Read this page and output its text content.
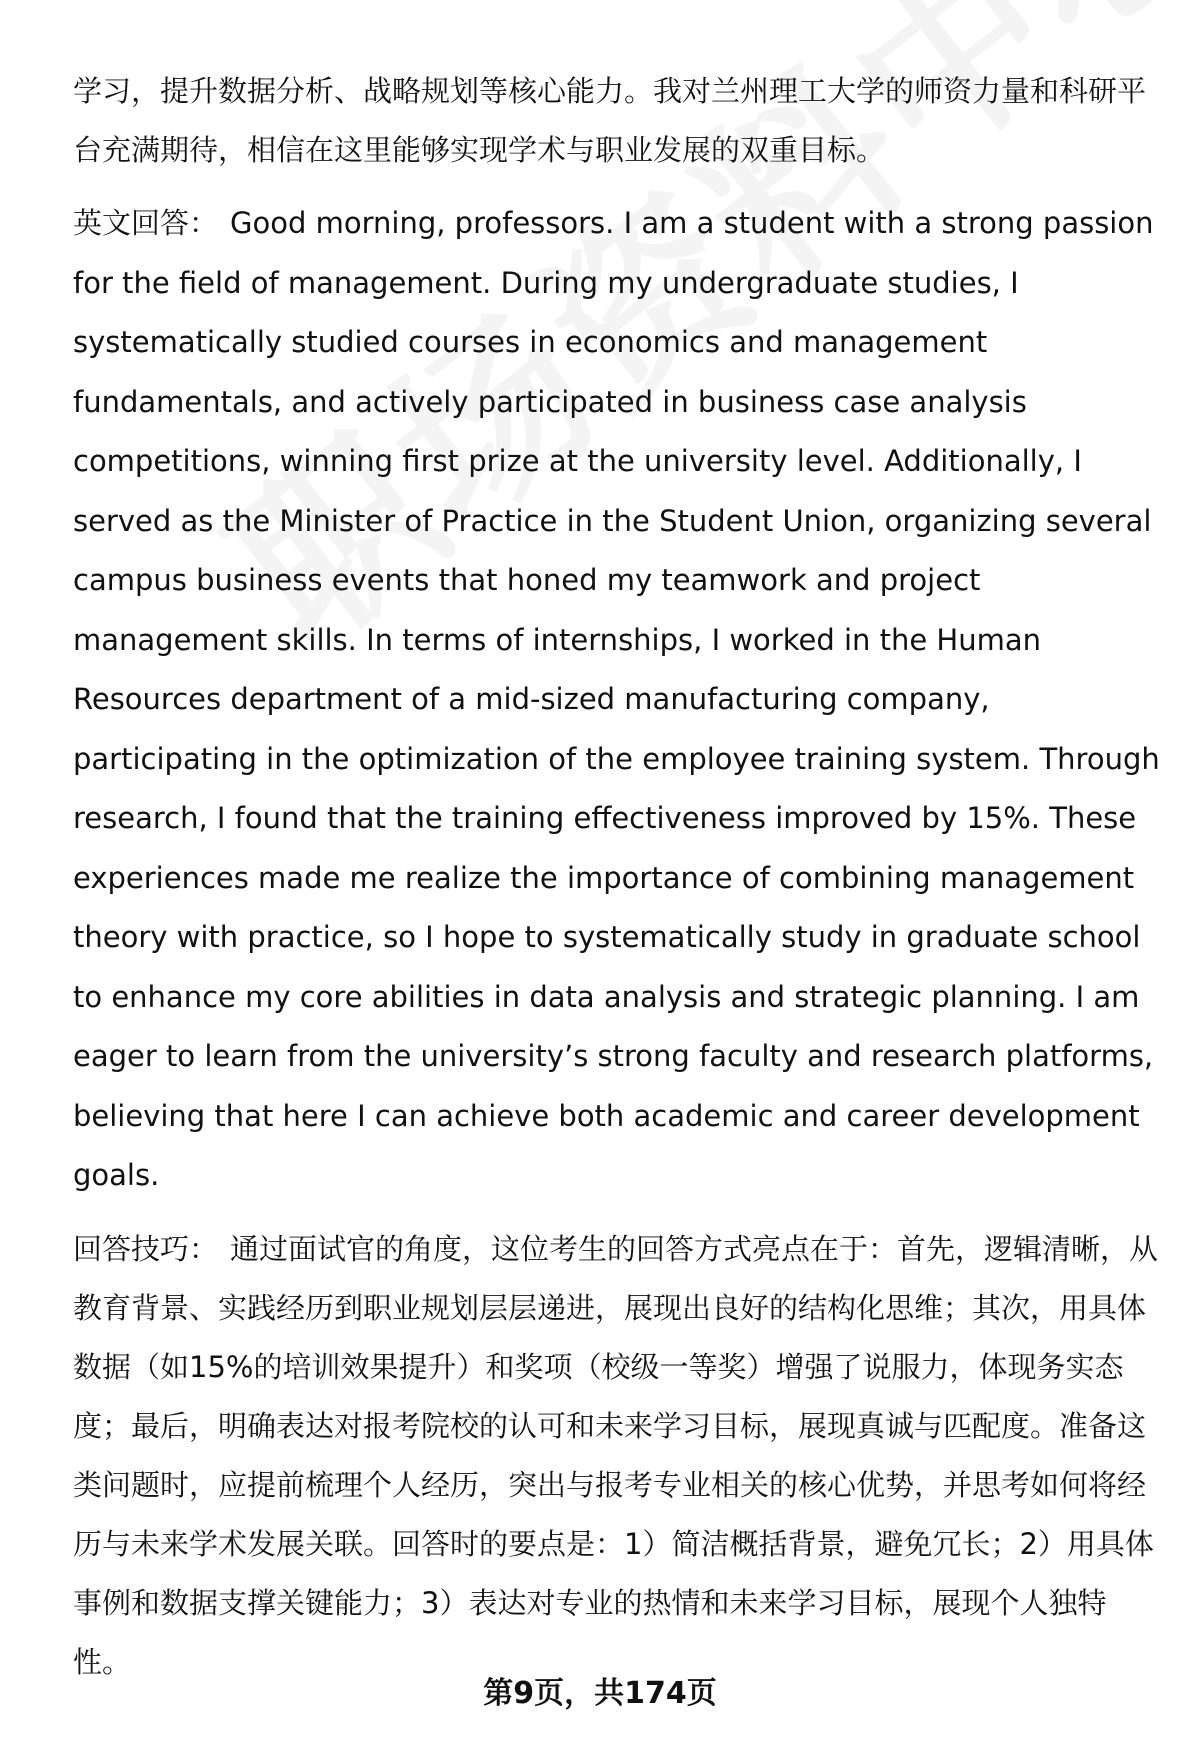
学习，提升数据分析、战略规划等核心能力。我对兰州理工大学的师资力量和科研平台充满期待，相信在这里能够实现学术与职业发展的双重目标。

英文回答： Good morning, professors. I am a student with a strong passion for the field of management. During my undergraduate studies, I systematically studied courses in economics and management fundamentals, and actively participated in business case analysis competitions, winning first prize at the university level. Additionally, I served as the Minister of Practice in the Student Union, organizing several campus business events that honed my teamwork and project management skills. In terms of internships, I worked in the Human Resources department of a mid-sized manufacturing company, participating in the optimization of the employee training system. Through research, I found that the training effectiveness improved by 15%. These experiences made me realize the importance of combining management theory with practice, so I hope to systematically study in graduate school to enhance my core abilities in data analysis and strategic planning. I am eager to learn from the university’s strong faculty and research platforms, believing that here I can achieve both academic and career development goals.

回答技巧： 通过面试官的角度，这位考生的回答方式亮点在于：首先，逻辑清晰，从教育背景、实践经历到职业规划层层递进，展现出良好的结构化思维；其次，用具体数据（如15%的培训效果提升）和奖项（校级一等奖）增强了说服力，体现务实态度；最后，明确表达对报考院校的认可和未来学习目标，展现真诚与匹配度。准备这类问题时，应提前梳理个人经历，突出与报考专业相关的核心优势，并思考如何将经历与未来学术发展关联。回答时的要点是：1）简洁概括背景，避免冗长；2）用具体事例和数据支撑关键能力；3）表达对专业的热情和未来学习目标，展现个人独特性。

第9页，共174页
